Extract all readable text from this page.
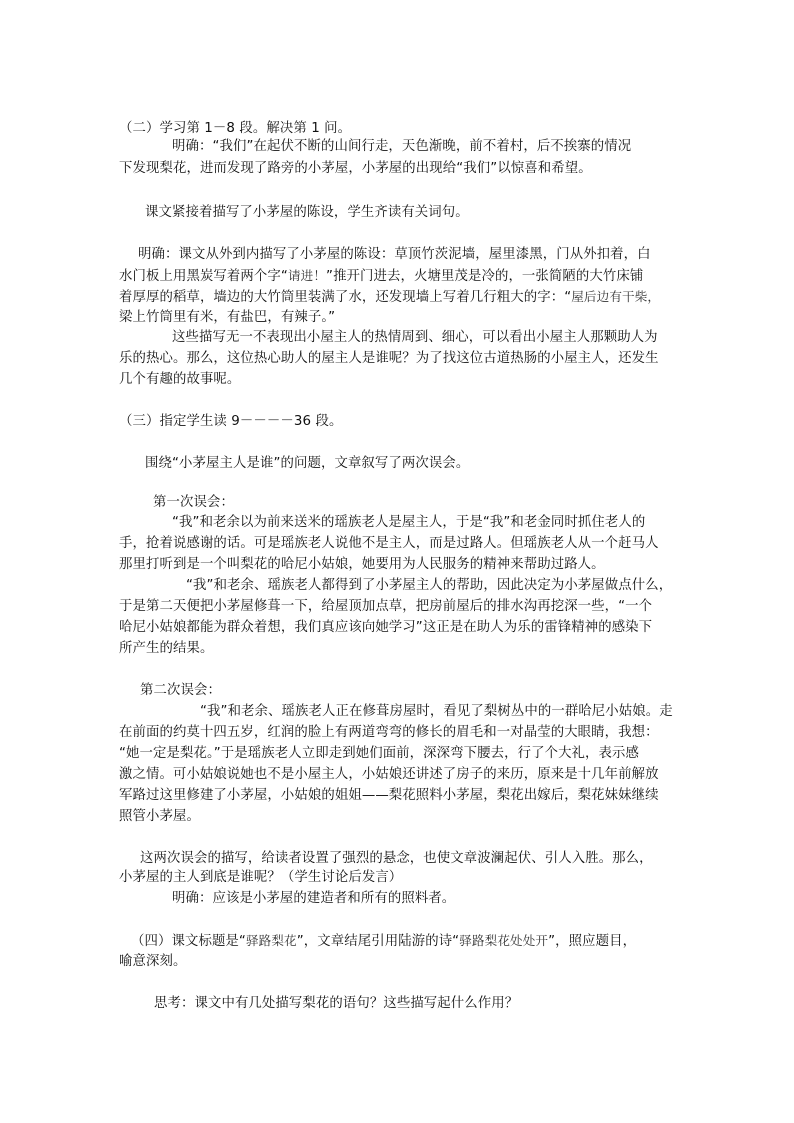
（二）学习第 1－8 段。解决第 1 问。
明确：“我们”在起伏不断的山间行走，天色渐晚，前不着村，后不挨寨的情况
下发现梨花，进而发现了路旁的小茅屋，小茅屋的出现给“我们”以惊喜和希望。
课文紧接着描写了小茅屋的陈设，学生齐读有关词句。
明确：课文从外到内描写了小茅屋的陈设：草顶竹茨泥墙，屋里漆黑，门从外扣着，白
水门板上用黑炭写着两个字“请进！”推开门进去，火塘里茂是冷的，一张简陋的大竹床铺
着厚厚的稻草，墙边的大竹筒里装满了水，还发现墙上写着几行粗大的字：“屋后边有干柴，
梁上竹筒里有米，有盐巴，有辣子。”
这些描写无一不表现出小屋主人的热情周到、细心，可以看出小屋主人那颗助人为
乐的热心。那么，这位热心助人的屋主人是谁呢？为了找这位古道热肠的小屋主人，还发生
几个有趣的故事呢。
（三）指定学生读 9－－－－36 段。
围绕“小茅屋主人是谁”的问题，文章叙写了两次误会。
第一次误会：
“我”和老余以为前来送米的瑶族老人是屋主人，于是“我”和老金同时抓住老人的
手，抢着说感谢的话。可是瑶族老人说他不是主人，而是过路人。但瑶族老人从一个赶马人
那里打听到是一个叫梨花的哈尼小姑娘，她要用为人民服务的精神来帮助过路人。
“我”和老余、瑶族老人都得到了小茅屋主人的帮助，因此决定为小茅屋做点什么，
于是第二天便把小茅屋修葺一下，给屋顶加点草，把房前屋后的排水沟再挖深一些，“一个
哈尼小姑娘都能为群众着想，我们真应该向她学习”这正是在助人为乐的雷锋精神的感染下
所产生的结果。
第二次误会：
“我”和老余、瑶族老人正在修葺房屋时，看见了梨树丛中的一群哈尼小姑娘。走
在前面的约莫十四五岁，红润的脸上有两道弯弯的修长的眉毛和一对晶莹的大眼睛，我想：
“她一定是梨花。”于是瑶族老人立即走到她们面前，深深弯下腰去，行了个大礼，表示感
激之情。可小姑娘说她也不是小屋主人，小姑娘还讲述了房子的来历，原来是十几年前解放
军路过这里修建了小茅屋，小姑娘的姐姐——梨花照料小茅屋，梨花出嫁后，梨花妹妹继续
照管小茅屋。
这两次误会的描写，给读者设置了强烈的悬念，也使文章波澜起伏、引人入胜。那么，
小茅屋的主人到底是谁呢？（学生讨论后发言）
明确：应该是小茅屋的建造者和所有的照料者。
（四）课文标题是“驿路梨花”，文章结尾引用陆游的诗“驿路梨花处处开”，照应题目，
喻意深刻。
思考：课文中有几处描写梨花的语句？这些描写起什么作用？
